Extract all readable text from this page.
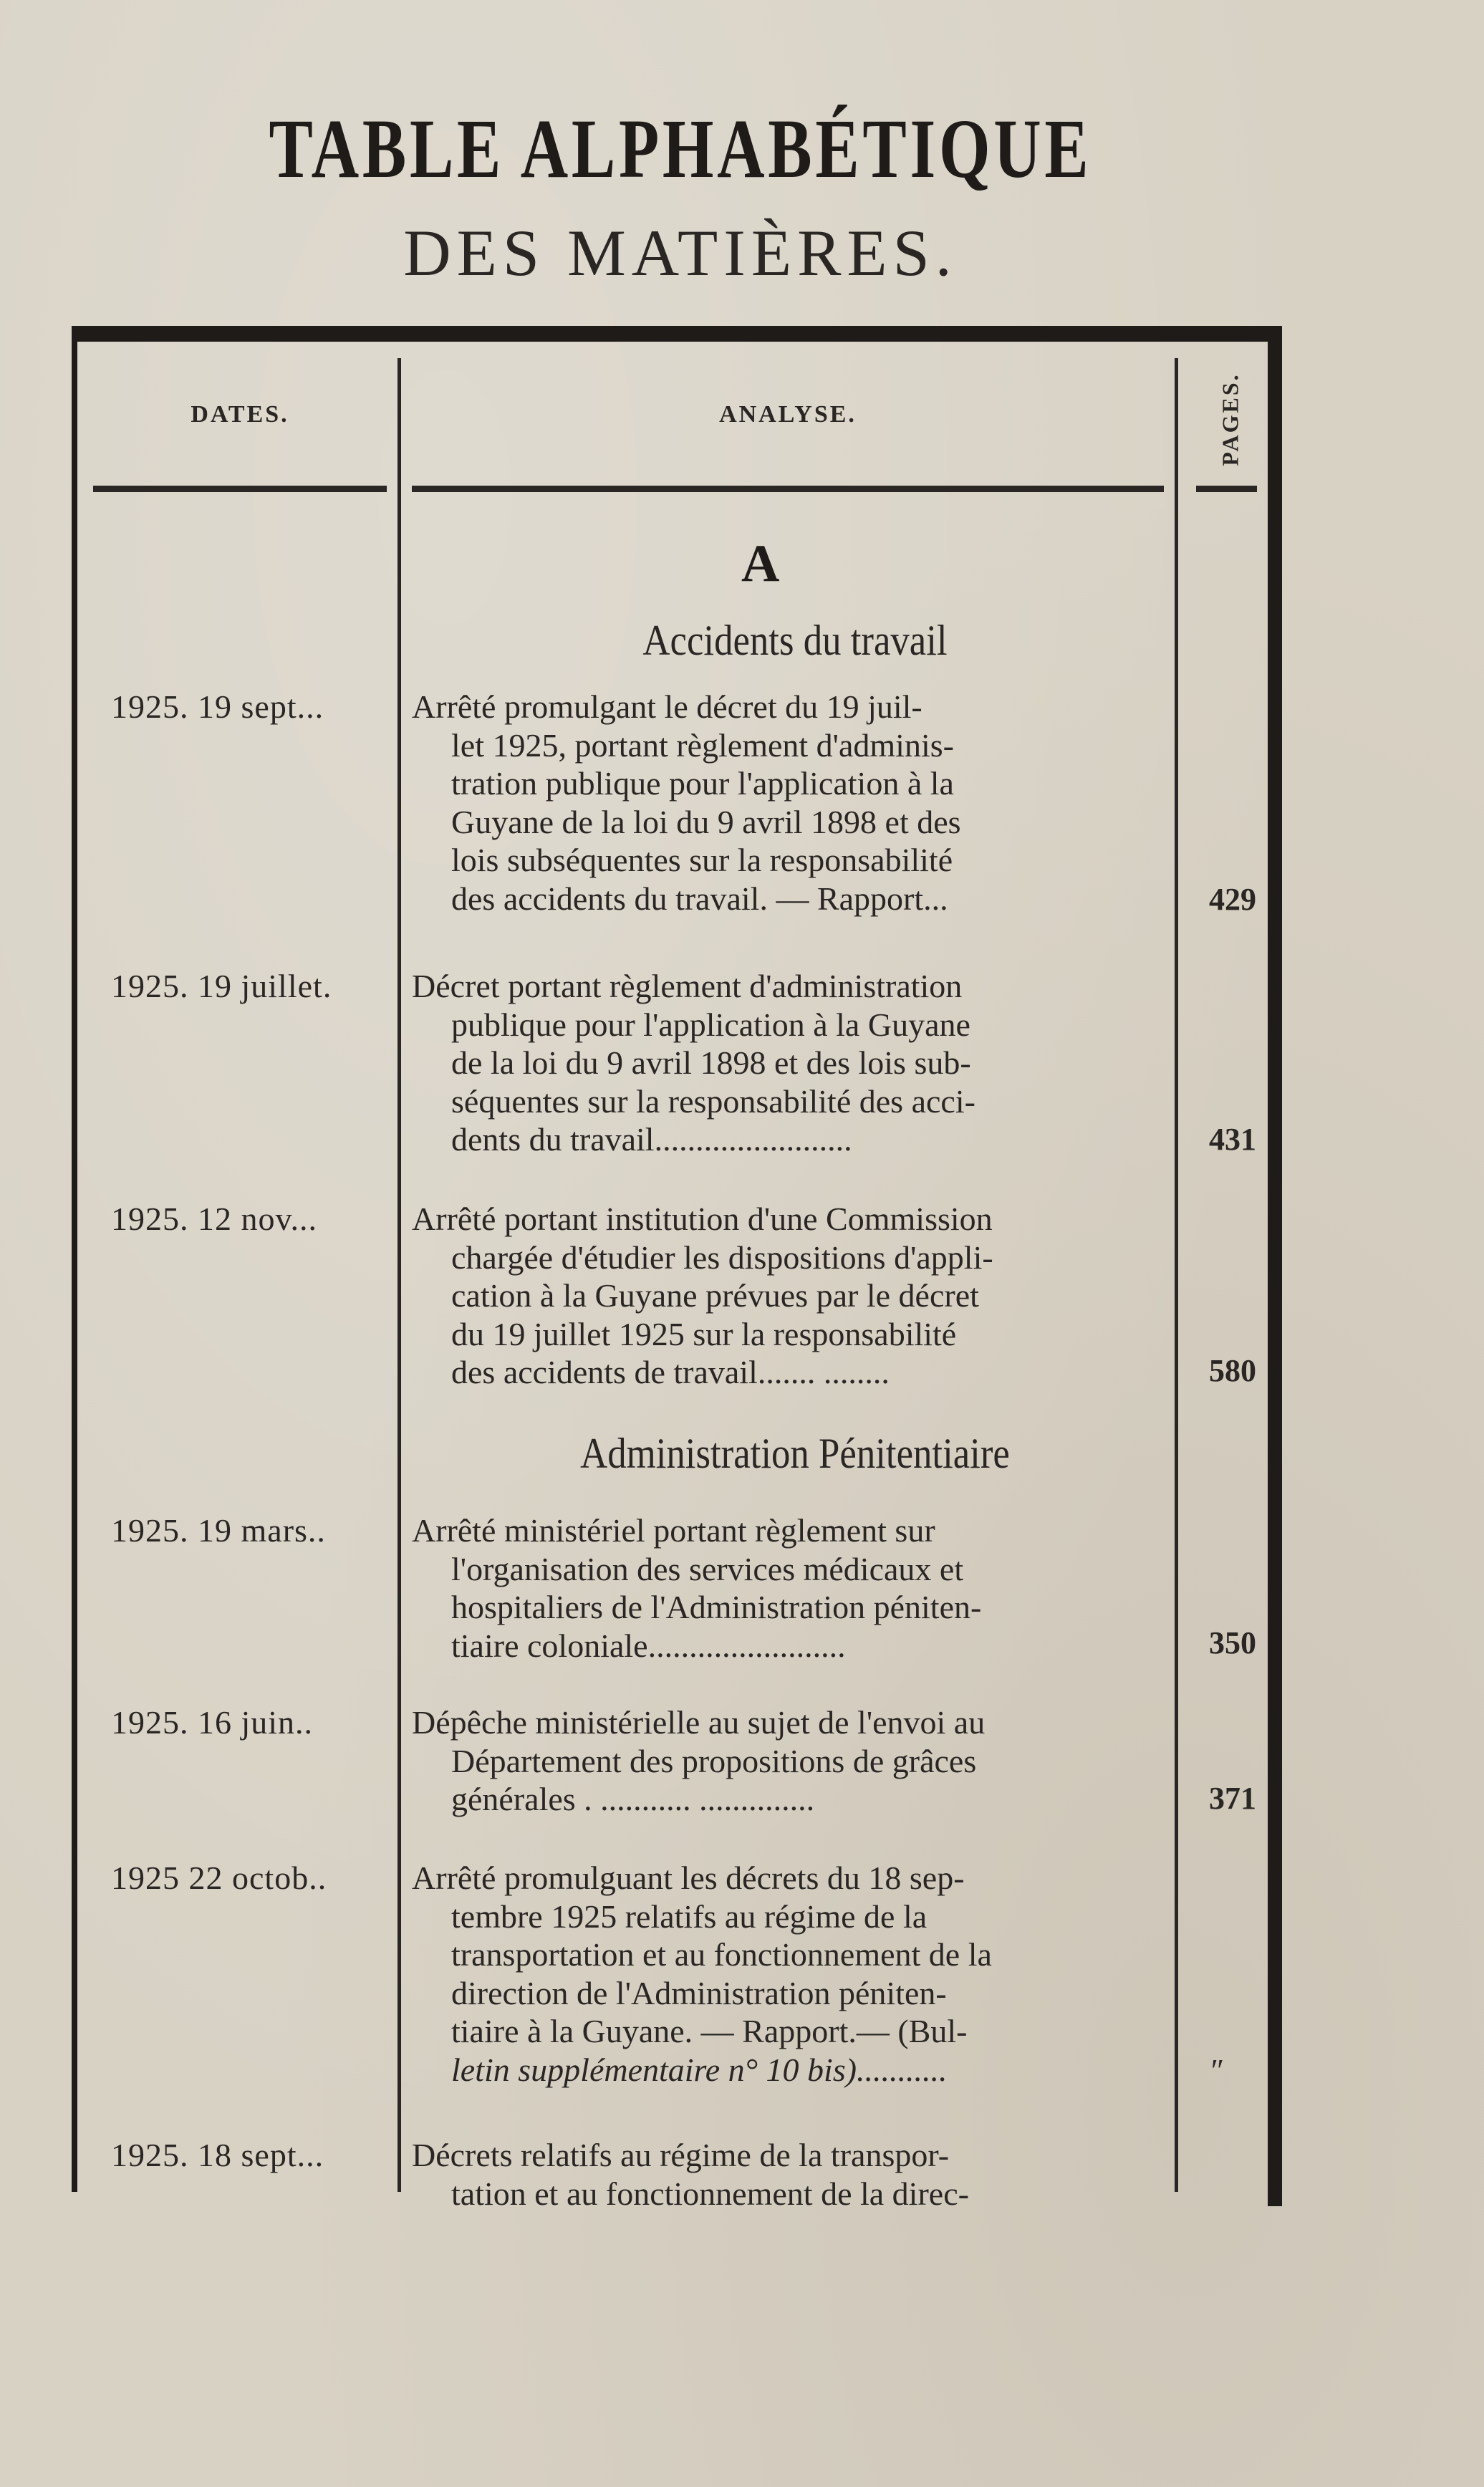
TABLE ALPHABÉTIQUE
DES MATIÈRES.
DATES.	ANALYSE.	PAGES.
A
Accidents du travail
1925. 19 sept...	Arrêté promulgant le décret du 19 juil-
let 1925, portant règlement d'adminis-
tration publique pour l'application à la
Guyane de la loi du 9 avril 1898 et des
lois subséquentes sur la responsabilité
des accidents du travail. — Rapport...	429
1925. 19 juillet.	Décret portant règlement d'administration
publique pour l'application à la Guyane
de la loi du 9 avril 1898 et des lois sub-
séquentes sur la responsabilité des acci-
dents du travail........................	431
1925. 12 nov...	Arrêté portant institution d'une Commission
chargée d'étudier les dispositions d'appli-
cation à la Guyane prévues par le décret
du 19 juillet 1925 sur la responsabilité
des accidents de travail....... ........	580
Administration Pénitentiaire
1925. 19 mars..	Arrêté ministériel portant règlement sur
l'organisation des services médicaux et
hospitaliers de l'Administration péniten-
tiaire coloniale........................	350
1925. 16 juin..	Dépêche ministérielle au sujet de l'envoi au
Département des propositions de grâces
générales . ........... ..............	371
1925 22 octob..	Arrêté promulguant les décrets du 18 sep-
tembre 1925 relatifs au régime de la
transportation et au fonctionnement de la
direction de l'Administration péniten-
tiaire à la Guyane. — Rapport.— (Bul-
letin supplémentaire n° 10 bis)...........	″
1925. 18 sept...	Décrets relatifs au régime de la transpor-
tation et au fonctionnement de la direc-
